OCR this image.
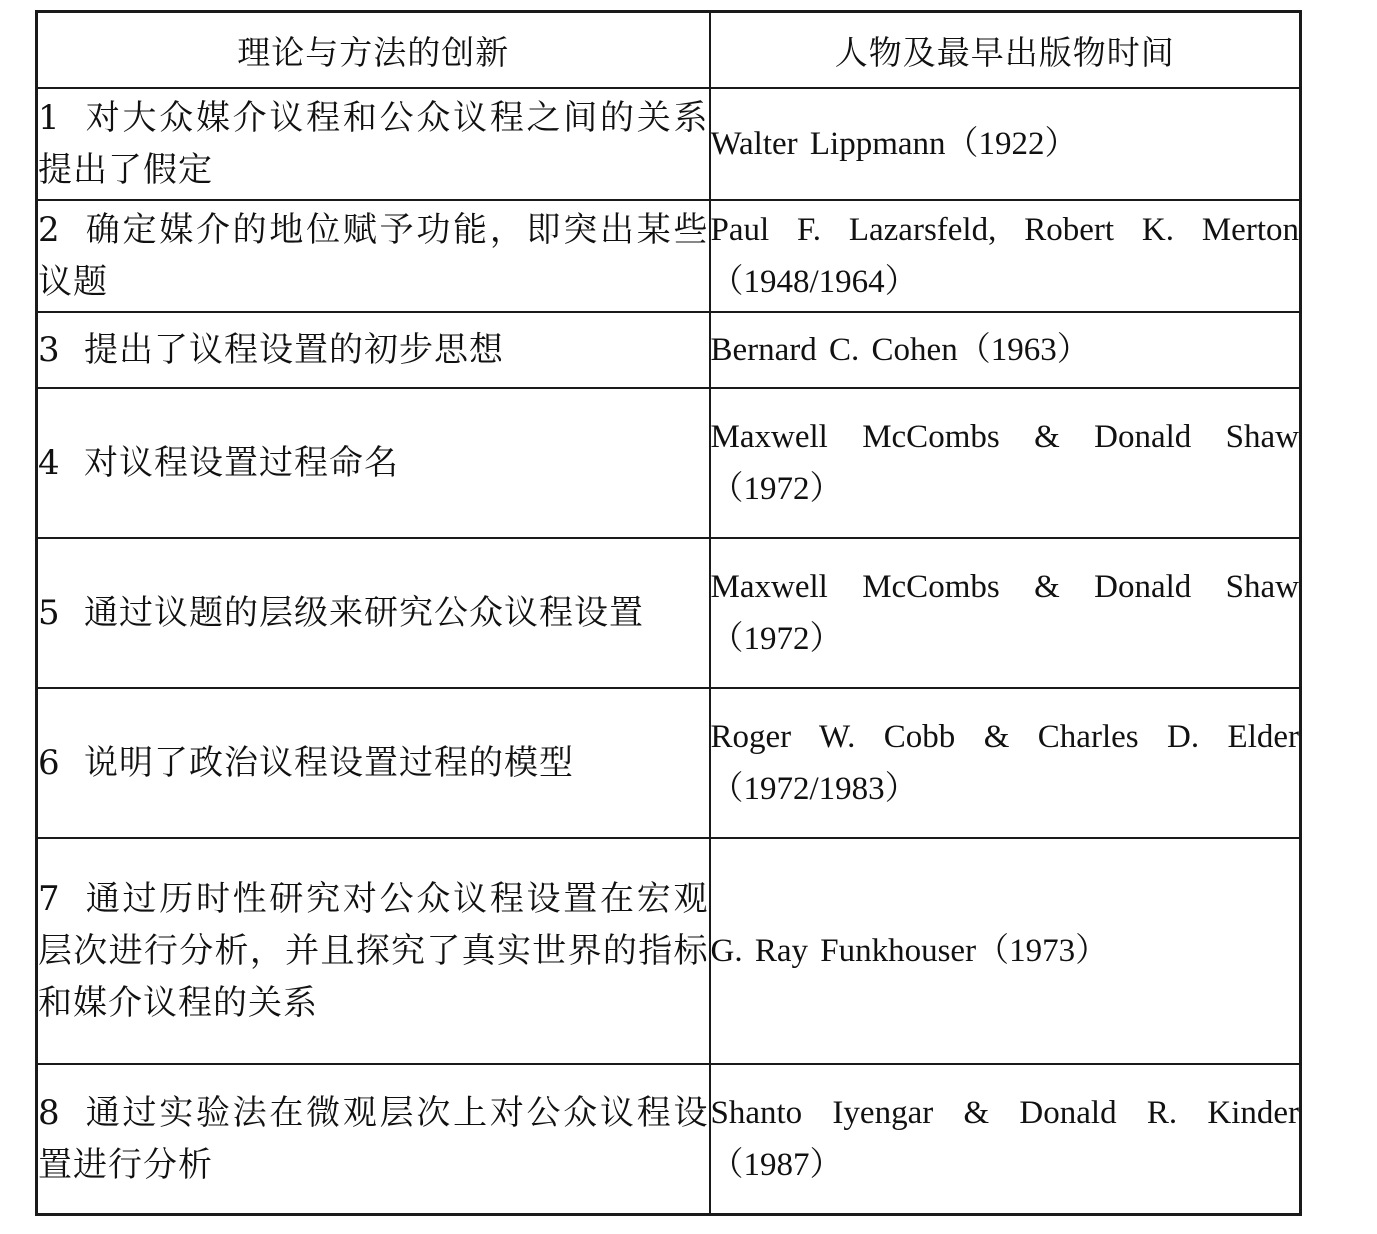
理论与方法的创新	人物及最早出版物时间
1 对大众媒介议程和公众议程之间的关系提出了假定	Walter Lippmann（1922）
2 确定媒介的地位赋予功能，即突出某些议题	Paul F. Lazarsfeld, Robert K. Merton（1948/1964）
3 提出了议程设置的初步思想	Bernard C. Cohen（1963）
4 对议程设置过程命名	Maxwell McCombs & Donald Shaw（1972）
5 通过议题的层级来研究公众议程设置	Maxwell McCombs & Donald Shaw（1972）
6 说明了政治议程设置过程的模型	Roger W. Cobb & Charles D. Elder（1972/1983）
7 通过历时性研究对公众议程设置在宏观层次进行分析，并且探究了真实世界的指标和媒介议程的关系	G. Ray Funkhouser（1973）
8 通过实验法在微观层次上对公众议程设置进行分析	Shanto Iyengar & Donald R. Kinder（1987）
